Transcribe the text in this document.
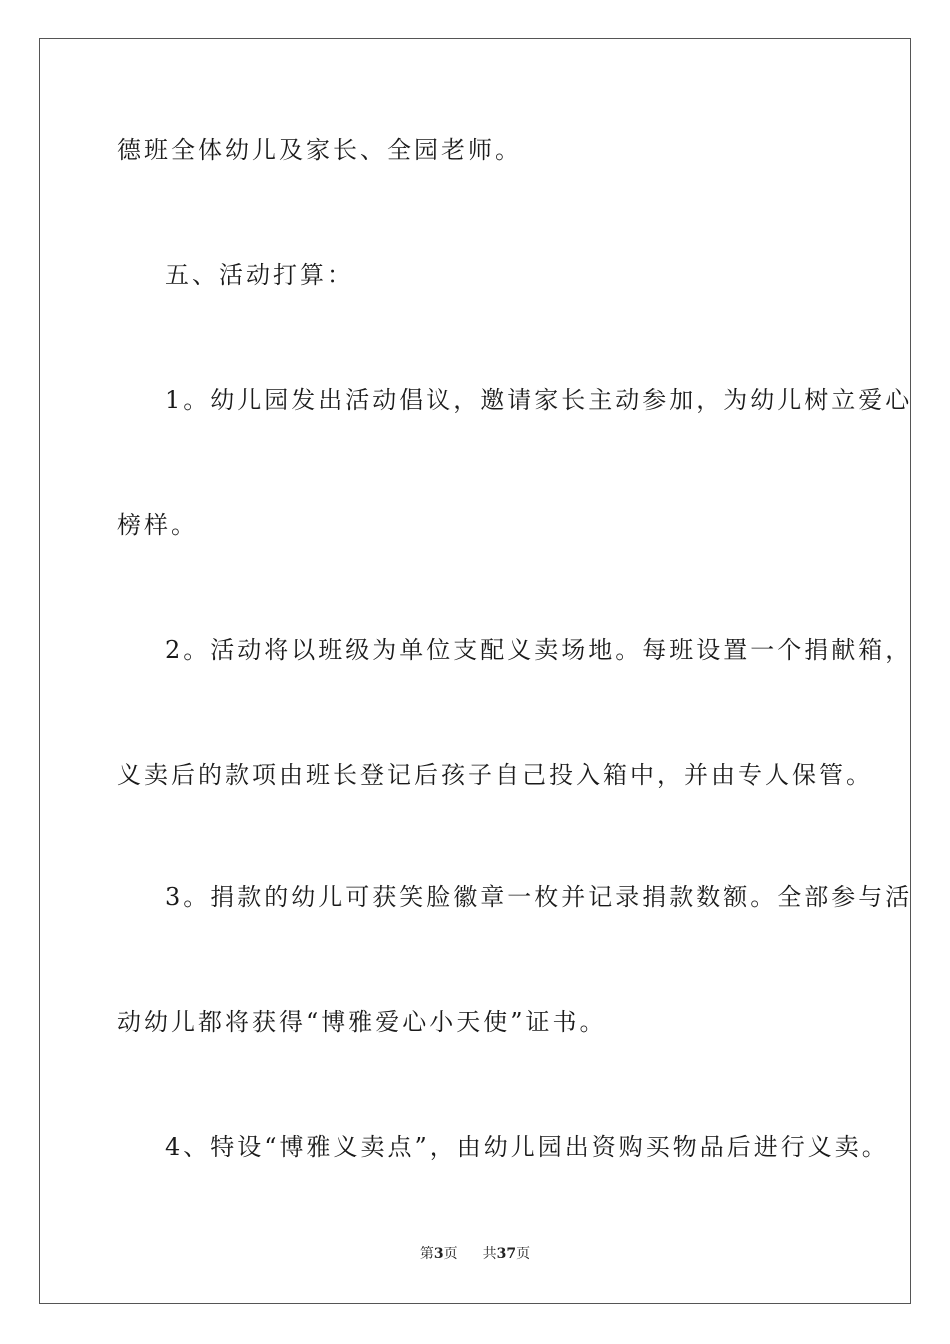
德班全体幼儿及家长、全园老师。
五、活动打算：
1。幼儿园发出活动倡议，邀请家长主动参加，为幼儿树立爱心
榜样。
2。活动将以班级为单位支配义卖场地。每班设置一个捐献箱，
义卖后的款项由班长登记后孩子自己投入箱中，并由专人保管。
3。捐款的幼儿可获笑脸徽章一枚并记录捐款数额。全部参与活
动幼儿都将获得“博雅爱心小天使”证书。
4、特设“博雅义卖点”，由幼儿园出资购买物品后进行义卖。
第3页 共37页
